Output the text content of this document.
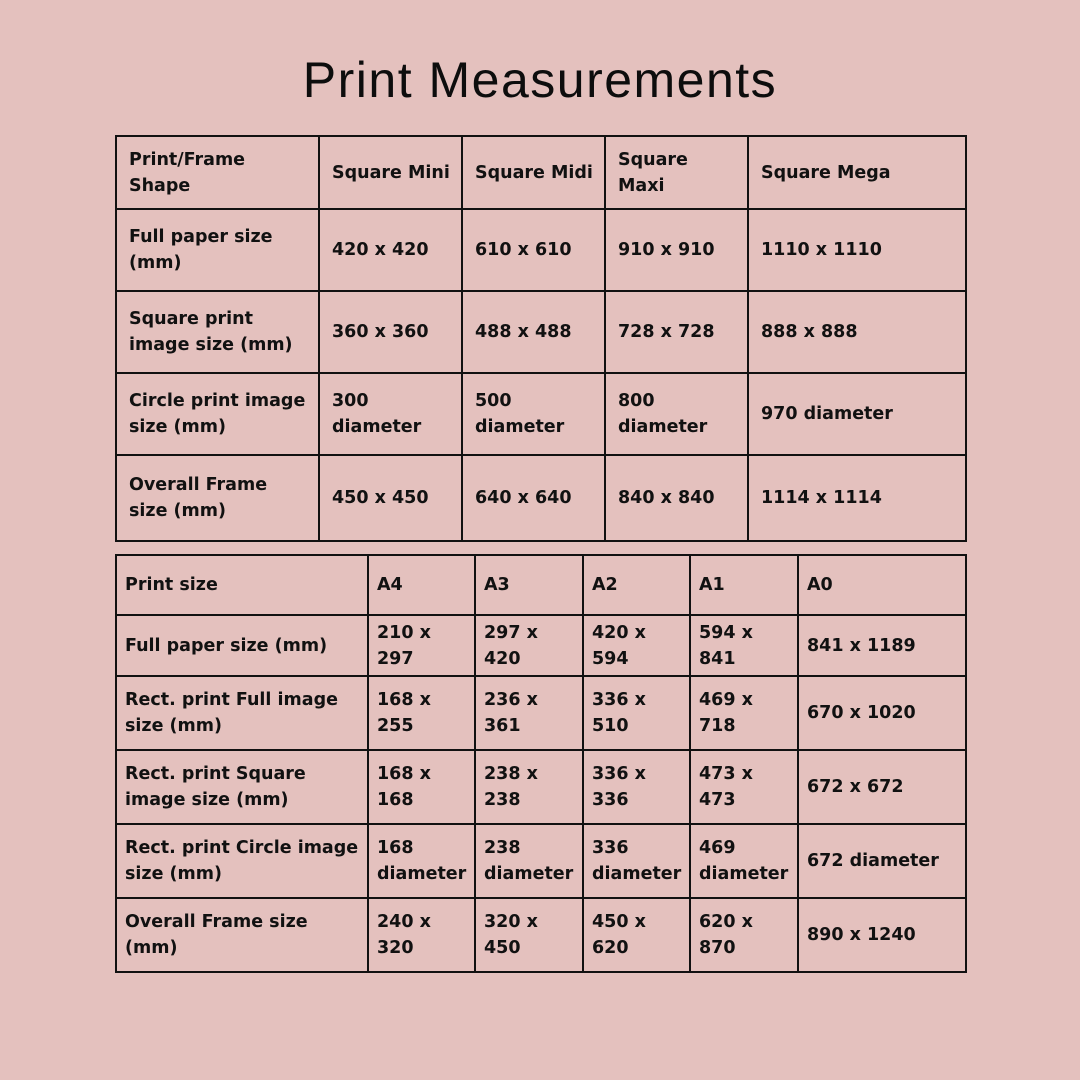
Print Measurements
Print/Frame Shape	Square Mini	Square Midi	Square Maxi	Square Mega
Full paper size (mm)	420 x 420	610 x 610	910 x 910	1110 x 1110
Square print image size (mm)	360 x 360	488 x 488	728 x 728	888 x 888
Circle print image size (mm)	300 diameter	500 diameter	800 diameter	970 diameter
Overall Frame size (mm)	450 x 450	640 x 640	840 x 840	1114 x 1114
Print size	A4	A3	A2	A1	A0
Full paper size (mm)	210 x 297	297 x 420	420 x 594	594 x 841	841 x 1189
Rect. print Full image size (mm)	168 x 255	236 x 361	336 x 510	469 x 718	670 x 1020
Rect. print Square image size (mm)	168 x 168	238 x 238	336 x 336	473 x 473	672 x 672
Rect. print Circle image size (mm)	168 diameter	238 diameter	336 diameter	469 diameter	672 diameter
Overall Frame size (mm)	240 x 320	320 x 450	450 x 620	620 x 870	890 x 1240
